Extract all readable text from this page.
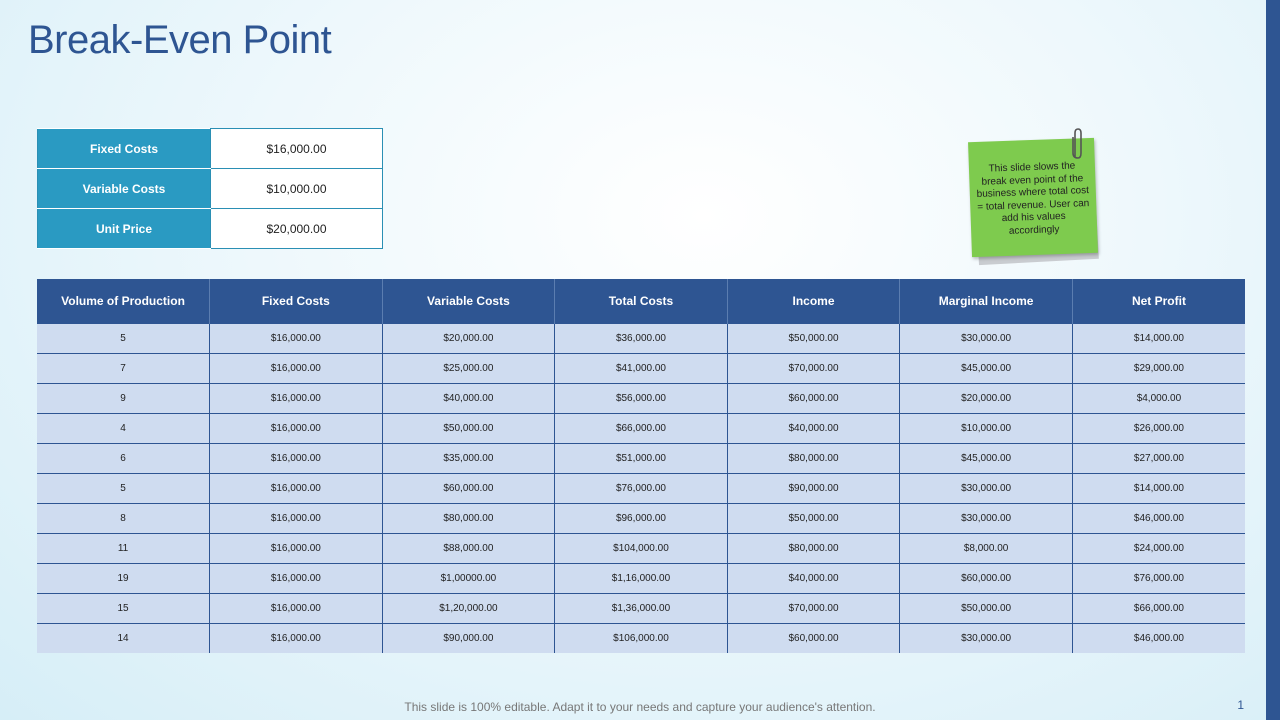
Break-Even Point
Fixed Costs	$16,000.00
Variable Costs	$10,000.00
Unit Price	$20,000.00
This slide slows the break even point of the business where total cost = total revenue. User can add his values accordingly
Volume of Production	Fixed Costs	Variable Costs	Total Costs	Income	Marginal Income	Net Profit
5	$16,000.00	$20,000.00	$36,000.00	$50,000.00	$30,000.00	$14,000.00
7	$16,000.00	$25,000.00	$41,000.00	$70,000.00	$45,000.00	$29,000.00
9	$16,000.00	$40,000.00	$56,000.00	$60,000.00	$20,000.00	$4,000.00
4	$16,000.00	$50,000.00	$66,000.00	$40,000.00	$10,000.00	$26,000.00
6	$16,000.00	$35,000.00	$51,000.00	$80,000.00	$45,000.00	$27,000.00
5	$16,000.00	$60,000.00	$76,000.00	$90,000.00	$30,000.00	$14,000.00
8	$16,000.00	$80,000.00	$96,000.00	$50,000.00	$30,000.00	$46,000.00
11	$16,000.00	$88,000.00	$104,000.00	$80,000.00	$8,000.00	$24,000.00
19	$16,000.00	$1,00000.00	$1,16,000.00	$40,000.00	$60,000.00	$76,000.00
15	$16,000.00	$1,20,000.00	$1,36,000.00	$70,000.00	$50,000.00	$66,000.00
14	$16,000.00	$90,000.00	$106,000.00	$60,000.00	$30,000.00	$46,000.00
This slide is 100% editable. Adapt it to your needs and capture your audience's attention.	1
